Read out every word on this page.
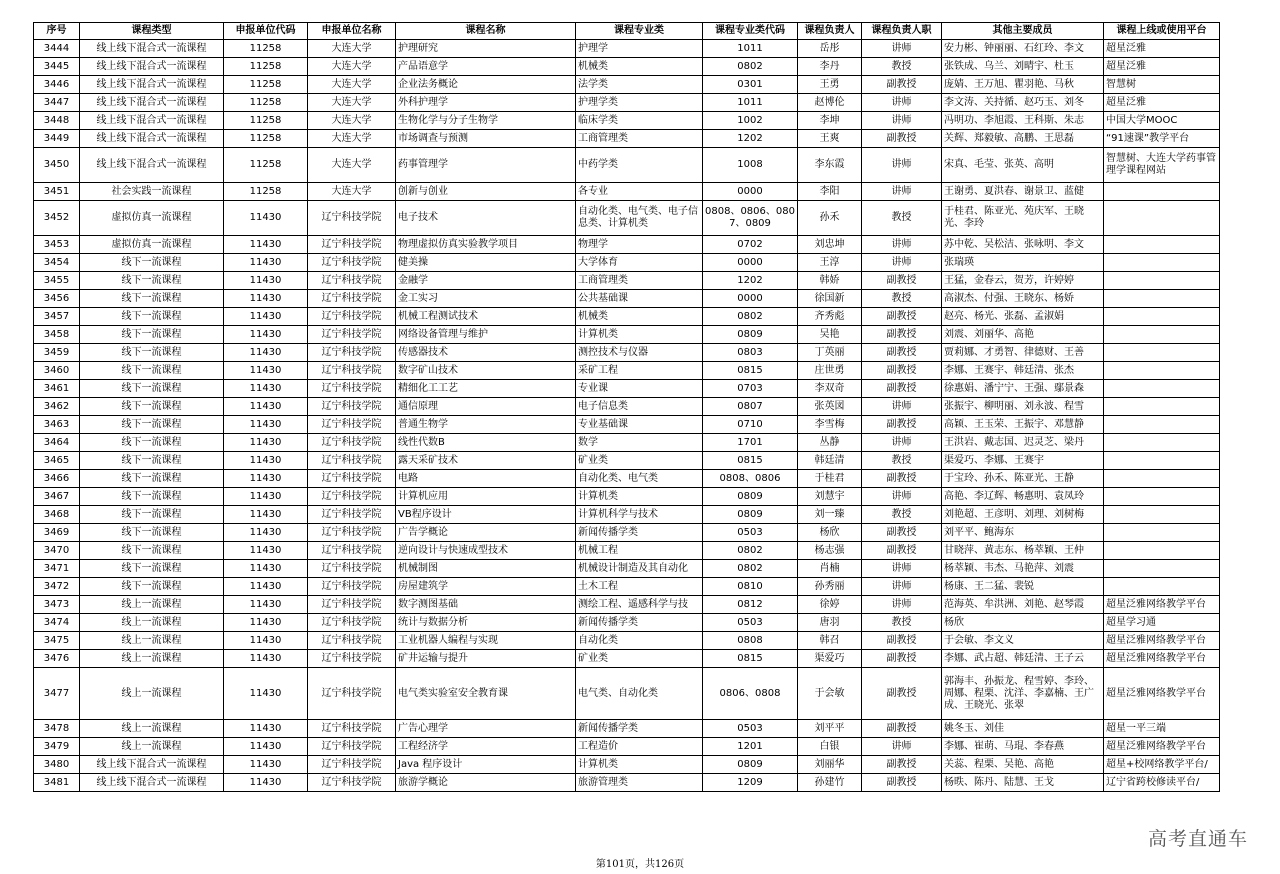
序号	课程类型	申报单位代码	申报单位名称	课程名称	课程专业类	课程专业类代码	课程负责人	课程负责人职	其他主要成员	课程上线或使用平台
3444	线上线下混合式一流课程	11258	大连大学	护理研究	护理学	1011	岳彤	讲师	安力彬、钟丽丽、石红玲、李文	超星泛雅
3445	线上线下混合式一流课程	11258	大连大学	产品语意学	机械类	0802	李丹	教授	张铁成、乌兰、刘晴宇、杜玉	超星泛雅
3446	线上线下混合式一流课程	11258	大连大学	企业法务概论	法学类	0301	王勇	副教授	庞婧、王万旭、瞿羽艳、马秋	智慧树
3447	线上线下混合式一流课程	11258	大连大学	外科护理学	护理学类	1011	赵博伦	讲师	李文涛、关持循、赵巧玉、刘冬	超星泛雅
3448	线上线下混合式一流课程	11258	大连大学	生物化学与分子生物学	临床学类	1002	李坤	讲师	冯明功、李旭霞、王科斯、朱志	中国大学MOOC
3449	线上线下混合式一流课程	11258	大连大学	市场调查与预测	工商管理类	1202	王爽	副教授	关辉、郑毅敏、高鹏、王思磊	“91速课”教学平台
3450	线上线下混合式一流课程	11258	大连大学	药事管理学	中药学类	1008	李东霞	讲师	宋真、毛莹、张英、高明	智慧树、大连大学药事管理学课程网站
3451	社会实践一流课程	11258	大连大学	创新与创业	各专业	0000	李阳	讲师	王谢勇、夏洪春、谢景卫、蓝健	
3452	虚拟仿真一流课程	11430	辽宁科技学院	电子技术	自动化类、电气类、电子信息类、计算机类	0808、0806、0807、0809	孙禾	教授	于桂君、陈亚光、苑庆军、王晓光、李玲	
3453	虚拟仿真一流课程	11430	辽宁科技学院	物理虚拟仿真实验教学项目	物理学	0702	刘忠坤	讲师	苏中乾、吴松洁、张咏明、李文	
3454	线下一流课程	11430	辽宁科技学院	健美操	大学体育	0000	王淳	讲师	张瑞瑛	
3455	线下一流课程	11430	辽宁科技学院	金融学	工商管理类	1202	韩娇	副教授	王猛，金春云，贺芳，许婷婷	
3456	线下一流课程	11430	辽宁科技学院	金工实习	公共基础课	0000	徐国新	教授	高淑杰、付强、王晓东、杨娇	
3457	线下一流课程	11430	辽宁科技学院	机械工程测试技术	机械类	0802	齐秀彪	副教授	赵亮、杨光、张磊、孟淑娟	
3458	线下一流课程	11430	辽宁科技学院	网络设备管理与维护	计算机类	0809	吴艳	副教授	刘震、刘丽华、高艳	
3459	线下一流课程	11430	辽宁科技学院	传感器技术	测控技术与仪器	0803	丁英丽	副教授	贾莉娜、才勇智、律德财、王善	
3460	线下一流课程	11430	辽宁科技学院	数字矿山技术	采矿工程	0815	庄世勇	副教授	李娜、王赛宇、韩廷清、张杰	
3461	线下一流课程	11430	辽宁科技学院	精细化工工艺	专业课	0703	李双奇	副教授	徐惠娟、潘宁宁、王强、鄢景森	
3462	线下一流课程	11430	辽宁科技学院	通信原理	电子信息类	0807	张英図	讲师	张振宇、柳明丽、刘永波、程雪	
3463	线下一流课程	11430	辽宁科技学院	普通生物学	专业基础课	0710	李雪梅	副教授	高颖、王玉荣、王振宇、邓慧静	
3464	线下一流课程	11430	辽宁科技学院	线性代数B	数学	1701	丛静	讲师	王洪岩、戴志国、迟灵芝、梁丹	
3465	线下一流课程	11430	辽宁科技学院	露天采矿技术	矿业类	0815	韩廷清	教授	渠爱巧、李娜、王赛宇	
3466	线下一流课程	11430	辽宁科技学院	电路	自动化类、电气类	0808、0806	于桂君	副教授	于宝玲、孙禾、陈亚光、王静	
3467	线下一流课程	11430	辽宁科技学院	计算机应用	计算机类	0809	刘慧宇	讲师	高艳、李辽辉、畅惠明、袁凤玲	
3468	线下一流课程	11430	辽宁科技学院	VB程序设计	计算机科学与技术	0809	刘一臻	教授	刘艳超、王彦明、刘理、刘树梅	
3469	线下一流课程	11430	辽宁科技学院	广告学概论	新闻传播学类	0503	杨欣	副教授	刘平平、鲍海东	
3470	线下一流课程	11430	辽宁科技学院	逆向设计与快速成型技术	机械工程	0802	杨志强	副教授	甘晓萍、黄志东、杨萃颖、王仲	
3471	线下一流课程	11430	辽宁科技学院	机械制图	机械设计制造及其自动化	0802	肖楠	讲师	杨萃颖、韦杰、马艳萍、刘震	
3472	线下一流课程	11430	辽宁科技学院	房屋建筑学	土木工程	0810	孙秀丽	讲师	杨康、王二猛、裴锐	
3473	线上一流课程	11430	辽宁科技学院	数字测图基础	测绘工程、遥感科学与技	0812	徐婷	讲师	范海英、牟洪洲、刘艳、赵琴霞	超星泛雅网络教学平台
3474	线上一流课程	11430	辽宁科技学院	统计与数据分析	新闻传播学类	0503	唐羽	教授	杨欣	超星学习通
3475	线上一流课程	11430	辽宁科技学院	工业机器人编程与实现	自动化类	0808	韩召	副教授	于会敏、李文义	超星泛雅网络教学平台
3476	线上一流课程	11430	辽宁科技学院	矿井运输与提升	矿业类	0815	渠爱巧	副教授	李娜、武占超、韩廷清、王子云	超星泛雅网络教学平台
3477	线上一流课程	11430	辽宁科技学院	电气类实验室安全教育课	电气类、自动化类	0806、0808	于会敏	副教授	郭海丰、孙振龙、程雪婷、李玲、周娜、程栗、沈洋、李嘉楠、王广成、王晓光、张翠	超星泛雅网络教学平台
3478	线上一流课程	11430	辽宁科技学院	广告心理学	新闻传播学类	0503	刘平平	副教授	姚冬玉、刘佳	超星一平三端
3479	线上一流课程	11430	辽宁科技学院	工程经济学	工程造价	1201	白银	讲师	李娜、崔萌、马琨、李春燕	超星泛雅网络教学平台
3480	线上线下混合式一流课程	11430	辽宁科技学院	Java 程序设计	计算机类	0809	刘丽华	副教授	关蕊、程栗、吴艳、高艳	超星+校网络教学平台/
3481	线上线下混合式一流课程	11430	辽宁科技学院	旅游学概论	旅游管理类	1209	孙建竹	副教授	杨昳、陈丹、陆慧、王戈	辽宁省跨校修读平台/
第101页，共126页
高考直通车
